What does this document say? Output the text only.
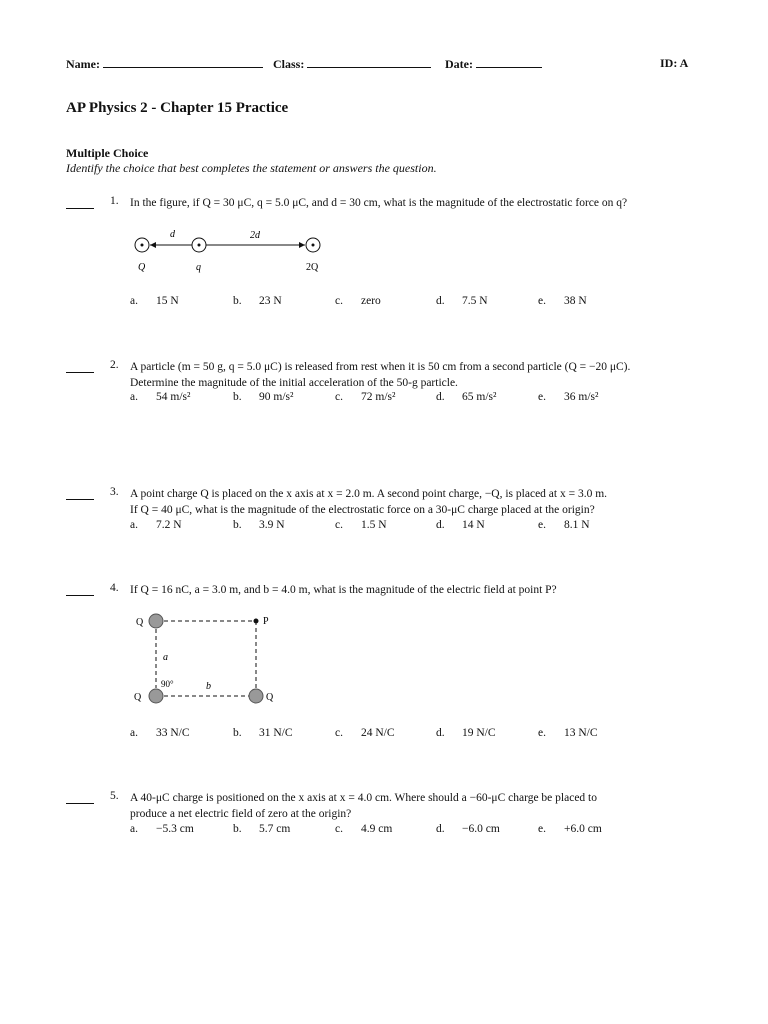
Name:	Class:	Date:	ID: A
AP Physics 2 - Chapter 15 Practice
Multiple Choice
Identify the choice that best completes the statement or answers the question.
1. In the figure, if Q = 30 μC, q = 5.0 μC, and d = 30 cm, what is the magnitude of the electrostatic force on q?
d	2d
Q	q	2Q
a. 15 N	b. 23 N	c. zero	d. 7.5 N	e. 38 N
2. A particle (m = 50 g, q = 5.0 μC) is released from rest when it is 50 cm from a second particle (Q = −20 μC).
Determine the magnitude of the initial acceleration of the 50-g particle.
a. 54 m/s²	b. 90 m/s²	c. 72 m/s²	d. 65 m/s²	e. 36 m/s²
3. A point charge Q is placed on the x axis at x = 2.0 m. A second point charge, −Q, is placed at x = 3.0 m.
If Q = 40 μC, what is the magnitude of the electrostatic force on a 30-μC charge placed at the origin?
a. 7.2 N	b. 3.9 N	c. 1.5 N	d. 14 N	e. 8.1 N
4. If Q = 16 nC, a = 3.0 m, and b = 4.0 m, what is the magnitude of the electric field at point P?
Q	P
a
90°	b
Q	Q
a. 33 N/C	b. 31 N/C	c. 24 N/C	d. 19 N/C	e. 13 N/C
5. A 40-μC charge is positioned on the x axis at x = 4.0 cm. Where should a −60-μC charge be placed to
produce a net electric field of zero at the origin?
a. −5.3 cm	b. 5.7 cm	c. 4.9 cm	d. −6.0 cm	e. +6.0 cm
